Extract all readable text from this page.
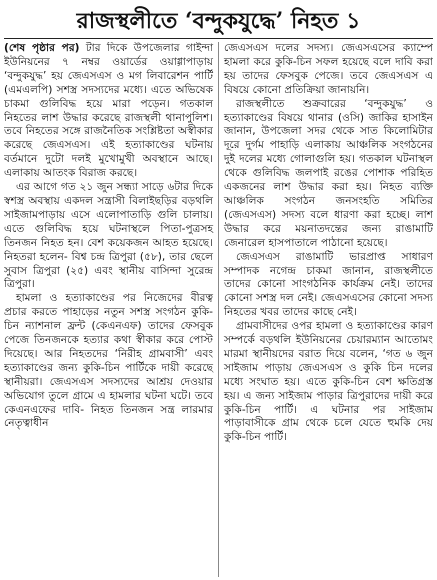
রাজস্থলীতে ‘বন্দুকযুদ্ধে’ নিহত ১

(শেষ পৃষ্ঠার পর) টার দিকে উপজেলার গাইন্দা ইউনিয়নের ৭ নম্বর ওয়ার্ডের ওয়াগ্গাপাড়ায় ‘বন্দুকযুদ্ধ’ হয় জেএসএস ও মগ লিবারেশন পার্টি (এমএলপি) সশস্ত্র সদস্যদের মধ্যে। এতে অভিষেক চাকমা গুলিবিদ্ধ হয়ে মারা পড়েন। গতকাল নিহতের লাশ উদ্ধার করেছে রাজস্থলী থানাপুলিশ। তবে নিহতের সঙ্গে রাজনৈতিক সংশ্লিষ্টতা অস্বীকার করেছে জেএসএস। এই হত্যাকাণ্ডের ঘটনায় বর্তমানে দুটো দলই মুখোমুখী অবস্থানে আছে। এলাকায় আতংক বিরাজ করছে।

এর আগে গত ২১ জুন সন্ধ্যা সাড়ে ৬টার দিকে স্বশস্ত্র অবস্থায় একদল সন্ত্রাসী বিলাইছড়ির বড়থলি সাইজামপাড়ায় এসে এলোপাতাড়ি গুলি চালায়। এতে গুলিবিদ্ধ হয়ে ঘটনাস্থলে পিতা-পুত্রসহ তিনজন নিহত হন। বেশ কয়েকজন আহত হয়েছে। নিহতরা হলেন- বিশ্ব চন্দ্র ত্রিপুরা (৫৮), তার ছেলে সুবাস ত্রিপুরা (২৫) এবং স্থানীয় বাসিন্দা সুরেন্দ্র ত্রিপুরা।

হামলা ও হত্যাকাণ্ডের পর নিজেদের বীরত্ব প্রচার করতে পাহাড়ের নতুন সশস্ত্র সংগঠন কুকি-চিন ন্যাশনাল ফ্রন্ট (কেএনএফ) তাদের ফেসবুক পেজে তিনজনকে হত্যার কথা স্বীকার করে পোস্ট দিয়েছে। আর নিহতদের ‘নিরীহ গ্রামবাসী’ এবং হত্যাকাণ্ডের জন্য কুকি-চিন পার্টিকে দায়ী করেছে স্থানীয়রা। জেএসএস সদস্যদের আশ্রয় দেওয়ার অভিযোগ তুলে গ্রামে এ হামলার ঘটনা ঘটে। তবে কেএনএফের দাবি- নিহত তিনজন সন্ত্র লারমার নেতৃত্বাধীন

জেএসএস দলের সদস্য। জেএসএসের ক্যাম্পে হামলা করে কুকি-চিন সফল হয়েছে বলে দাবি করা হয় তাদের ফেসবুক পেজে। তবে জেএসএস এ বিষয়ে কোনো প্রতিক্রিয়া জানায়নি।

রাজস্থলীতে শুক্রবারের ‘বন্দুকযুদ্ধ’ ও হত্যাকাণ্ডের বিষয়ে থানার (ওসি) জাকির হাসাইন জানান, উপজেলা সদর থেকে সাত কিলোমিটার দূরে দুর্গম পাহাড়ি এলাকায় আঞ্চলিক সংগঠনের দুই দলের মধ্যে গোলাগুলি হয়। গতকাল ঘটনাস্থল থেকে গুলিবিদ্ধ জলপাই রঙের পোশাক পরিহিত একজনের লাশ উদ্ধার করা হয়। নিহত ব্যক্তি আঞ্চলিক সংগঠন জনসংহতি সমিতির (জেএসএস) সদস্য বলে ধারণা করা হচ্ছে। লাশ উদ্ধার করে ময়নাতদন্তের জন্য রাঙামাটি জেনারেল হাসপাতালে পাঠানো হয়েছে।

জেএসএস রাঙামাটি ভারপ্রাপ্ত সাধারণ সম্পাদক নগেন্দ্র চাকমা জানান, রাজস্থলীতে তাদের কোনো সাংগঠনিক কার্যক্রম নেই। তাদের কোনো সশস্ত্র দল নেই। জেএসএসের কোনো সদস্য নিহতের খবর তাদের কাছে নেই।

গ্রামবাসীদের ওপর হামলা ও হত্যাকাণ্ডের কারণ সম্পর্কে বড়থলি ইউনিয়নের চেয়ারম্যান আতোমং মারমা স্থানীয়দের বরাত দিয়ে বলেন, ‘গত ৬ জুন সাইজাম পাড়ায় জেএসএস ও কুকি চিন দলের মধ্যে সংঘাত হয়। এতে কুকি-চিন বেশ ক্ষতিগ্রস্ত হয়। এ জন্য সাইজাম পাড়ার ত্রিপুরাদের দায়ী করে কুকি-চিন পার্টি। এ ঘটনার পর সাইজাম পাড়াবাসীকে গ্রাম থেকে চলে যেতে হুমকি দেয় কুকি-চিন পার্টি।
